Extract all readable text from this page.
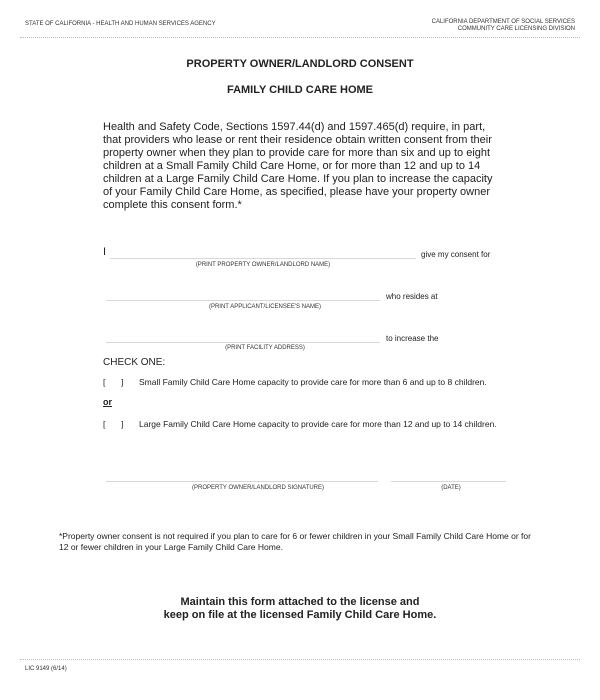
STATE OF CALIFORNIA - HEALTH AND HUMAN SERVICES AGENCY	CALIFORNIA DEPARTMENT OF SOCIAL SERVICES
COMMUNITY CARE LICENSING DIVISION
PROPERTY OWNER/LANDLORD CONSENT
FAMILY CHILD CARE HOME
Health and Safety Code, Sections 1597.44(d) and 1597.465(d) require, in part, that providers who lease or rent their residence obtain written consent from their property owner when they plan to provide care for more than six and up to eight children at a Small Family Child Care Home, or for more than 12 and up to 14 children at a Large Family Child Care Home. If you plan to increase the capacity of your Family Child Care Home, as specified, please have your property owner complete this consent form.*
I	give my consent for
(PRINT PROPERTY OWNER/LANDLORD NAME)
who resides at
(PRINT APPLICANT/LICENSEE'S NAME)
to increase the
(PRINT FACILITY ADDRESS)
CHECK ONE:
[ ] Small Family Child Care Home capacity to provide care for more than 6 and up to 8 children.
or
[ ] Large Family Child Care Home capacity to provide care for more than 12 and up to 14 children.
(PROPERTY OWNER/LANDLORD SIGNATURE)	(DATE)
*Property owner consent is not required if you plan to care for 6 or fewer children in your Small Family Child Care Home or for 12 or fewer children in your Large Family Child Care Home.
Maintain this form attached to the license and
keep on file at the licensed Family Child Care Home.
LIC 9149 (6/14)
